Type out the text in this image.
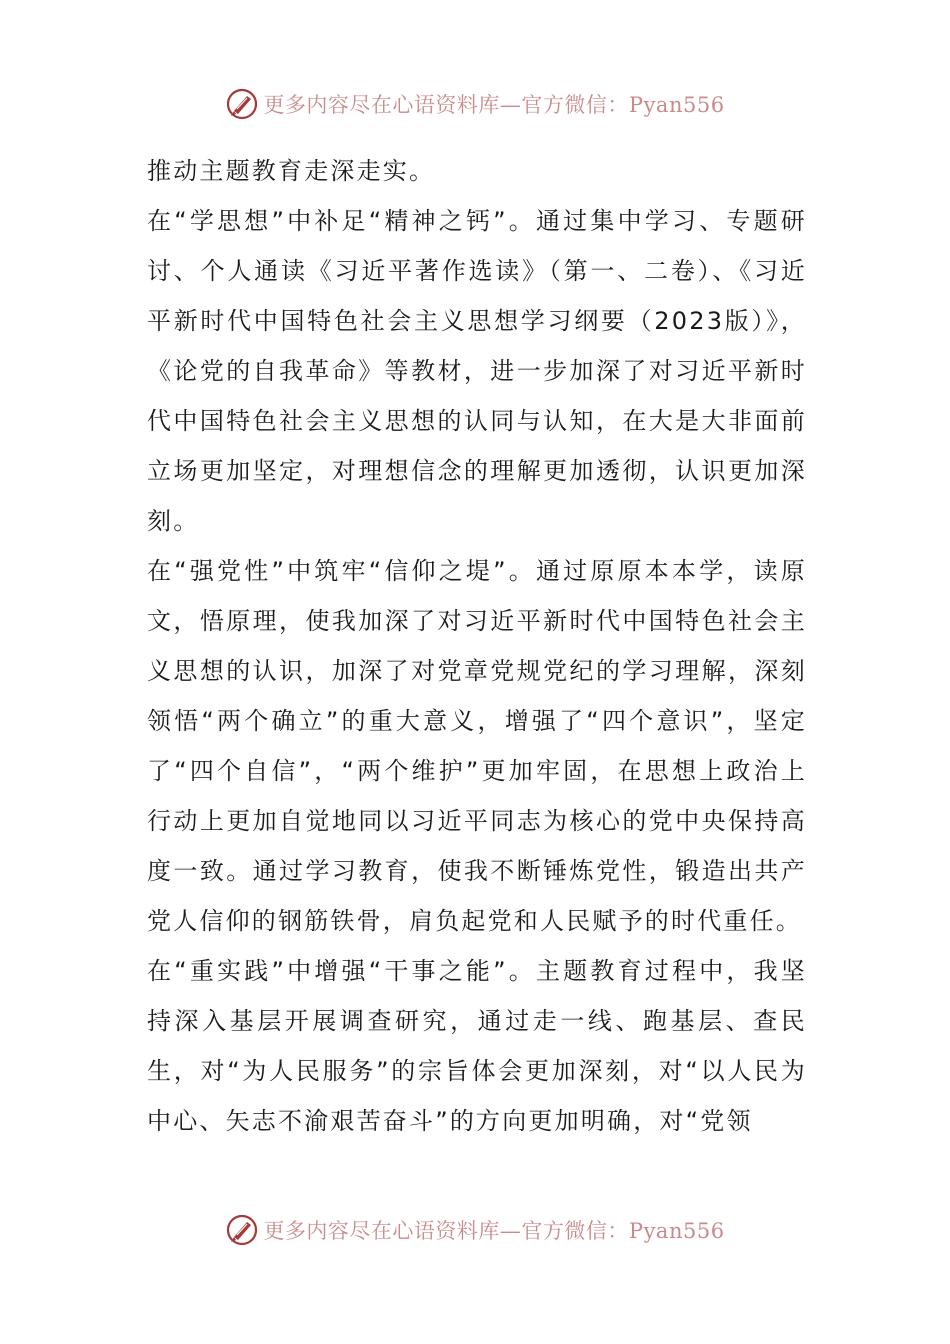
更多内容尽在心语资料库—官方微信：Pyan556

推动主题教育走深走实。

在“学思想”中补足“精神之钙”。通过集中学习、专题研讨、个人通读《习近平著作选读》（第一、二卷）、《习近平新时代中国特色社会主义思想学习纲要（2023版）》，《论党的自我革命》等教材，进一步加深了对习近平新时代中国特色社会主义思想的认同与认知，在大是大非面前立场更加坚定，对理想信念的理解更加透彻，认识更加深刻。

在“强党性”中筑牢“信仰之堤”。通过原原本本学，读原文，悟原理，使我加深了对习近平新时代中国特色社会主义思想的认识，加深了对党章党规党纪的学习理解，深刻领悟“两个确立”的重大意义，增强了“四个意识”，坚定了“四个自信”，“两个维护”更加牢固，在思想上政治上行动上更加自觉地同以习近平同志为核心的党中央保持高度一致。通过学习教育，使我不断锤炼党性，锻造出共产党人信仰的钢筋铁骨，肩负起党和人民赋予的时代重任。

在“重实践”中增强“干事之能”。主题教育过程中，我坚持深入基层开展调查研究，通过走一线、跑基层、查民生，对“为人民服务”的宗旨体会更加深刻，对“以人民为中心、矢志不渝艰苦奋斗”的方向更加明确，对“党领

更多内容尽在心语资料库—官方微信：Pyan556
